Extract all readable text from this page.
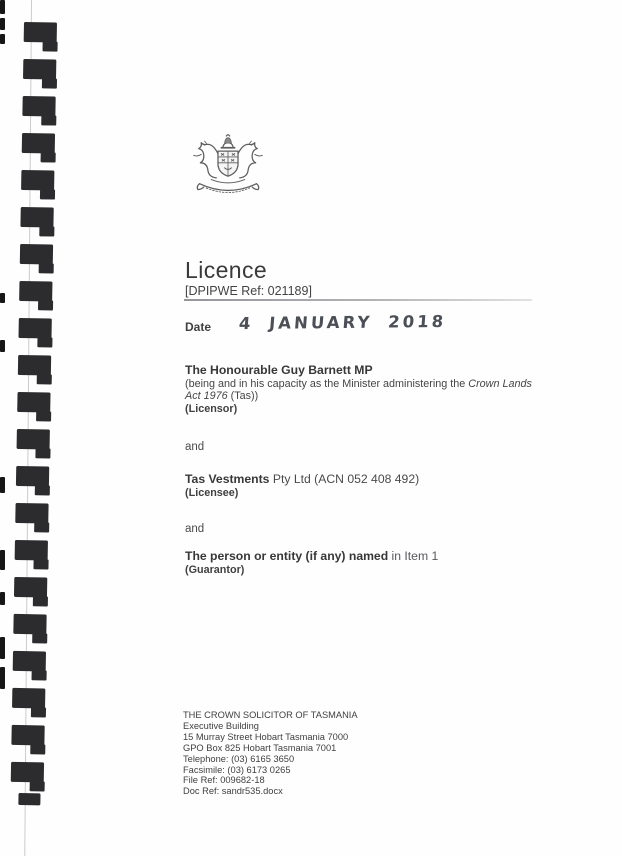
Licence
[DPIPWE Ref: 021189]
Date 4 JANUARY 2018
The Honourable Guy Barnett MP
(being and in his capacity as the Minister administering the Crown Lands Act 1976 (Tas))
(Licensor)
and
Tas Vestments Pty Ltd (ACN 052 408 492)
(Licensee)
and
The person or entity (if any) named in Item 1
(Guarantor)
THE CROWN SOLICITOR OF TASMANIA
Executive Building
15 Murray Street Hobart Tasmania 7000
GPO Box 825 Hobart Tasmania 7001
Telephone: (03) 6165 3650
Facsimile: (03) 6173 0265
File Ref: 009682-18
Doc Ref: sandr535.docx
